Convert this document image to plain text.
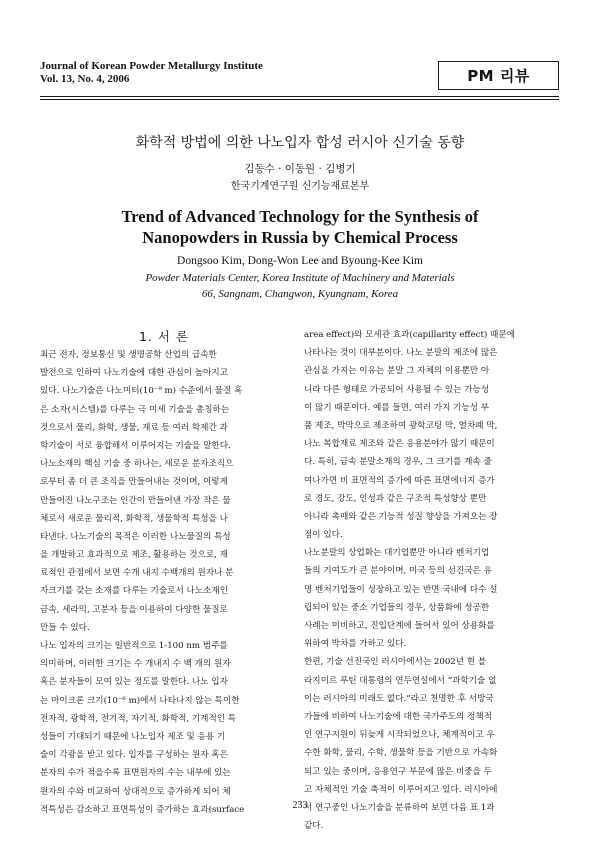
Journal of Korean Powder Metallurgy Institute
Vol. 13, No. 4, 2006	PM 리뷰
화학적 방법에 의한 나노입자 합성 러시아 신기술 동향
김동수 · 이동원 · 김병기
한국기계연구원 신기능재료본부
Trend of Advanced Technology for the Synthesis of
Nanopowders in Russia by Chemical Process
Dongsoo Kim, Dong-Won Lee and Byoung-Kee Kim
Powder Materials Center, Korea Institute of Machinery and Materials
66, Sangnam, Changwon, Kyungnam, Korea
1. 서 론
최근 전자, 정보통신 및 생명공학 산업의 급속한
발전으로 인하여 나노기술에 대한 관심이 높아지고
있다. 나노기술은 나노미터(10⁻⁹ m) 수준에서 물질 혹
은 소자(시스템)를 다루는 극 미세 기술을 총칭하는
것으로서 물리, 화학, 생물, 재료 등 여러 학제간 과
학기술이 서로 융합해서 이루어지는 기술을 말한다.
나노소재의 핵심 기술 중 하나는, 새로운 분자조직으
로부터 좀 더 큰 조직을 만들어내는 것이며, 이렇게
만들어진 나노구조는 인간이 만들어낸 가장 작은 물
체로서 새로운 물리적, 화학적, 생물학적 특성을 나
타낸다. 나노기술의 목적은 이러한 나노물질의 특성
을 개발하고 효과적으로 제조, 활용하는 것으로, 재
료적인 관점에서 보면 수개 내지 수백개의 원자나 분
자크기를 갖는 소재를 다루는 기술로서 나노소재인
금속, 세라믹, 고분자 등을 이용하여 다양한 물질로
만들 수 있다.
나노 입자의 크기는 일반적으로 1-100 nm 범주를
의미하며, 이러한 크기는 수 개내지 수 백 개의 원자
혹은 분자들이 모여 있는 정도를 말한다. 나노 입자
는 마이크론 크기(10⁻⁶ m)에서 나타나지 않는 특이한
전자적, 광학적, 전기적, 자기적, 화학적, 기계적인 특
성들이 기대되기 때문에 나노입자 제조 및 응용 기
술이 각광을 받고 있다. 입자를 구성하는 원자 혹은
분자의 수가 적을수록 표면원자의 수는 내부에 있는
원자의 수와 비교하여 상대적으로 증가하게 되어 체
적특성은 감소하고 표면특성이 증가하는 효과(surface
area effect)와 모세관 효과(capillarity effect) 때문에
나타나는 것이 대부분이다. 나노 분말의 제조에 많은
관심을 가지는 이유는 분말 그 자체의 이용뿐만 아
니라 다른 형태로 가공되어 사용될 수 있는 가능성
이 많기 때문이다. 예를 들면, 여러 가지 기능성 부
품 제조, 박막으로 제조하여 광학코팅 막, 열차폐 막,
나노 복합재료 제조와 같은 응용분야가 많기 때문이
다. 특히, 금속 분말소재의 경우, 그 크기를 계속 줄
여나가면 비 표면적의 증가에 따른 표면에너지 증가
로 경도, 강도, 인성과 같은 구조적 특성향상 뿐만
아니라 촉매와 같은 기능적 성질 향상을 가져오는 장
점이 있다.
나노분말의 상업화는 대기업뿐만 아니라 벤처기업
들의 기여도가 큰 분야이며, 미국 등의 선진국은 유
명 벤처기업들이 성장하고 있는 반면 국내에 다수 설
립되어 있는 중소 기업들의 경우, 상품화에 성공한
사례는 미비하고, 진입단계에 들어서 있어 상용화를
위하여 박차를 가하고 있다.
한편, 기술 선진국인 러시아에서는 2002년 현 블
라지미르 푸틴 대통령의 연두연설에서 “과학기술 없
이는 러시아의 미래도 없다.”라고 천명한 후 서방국
가들에 비하여 나노기술에 대한 국가주도의 정책적
인 연구지원이 뒤늦게 시작되었으나, 체계적이고 우
수한 화학, 물리, 수학, 생물학 등을 기반으로 가속화
되고 있는 중이며, 응용연구 부문에 많은 비중을 두
고 자체적인 기술 축적이 이루어지고 있다. 러시아에
서 연구중인 나노기술을 분류하여 보면 다음 표 1과
같다.
233
